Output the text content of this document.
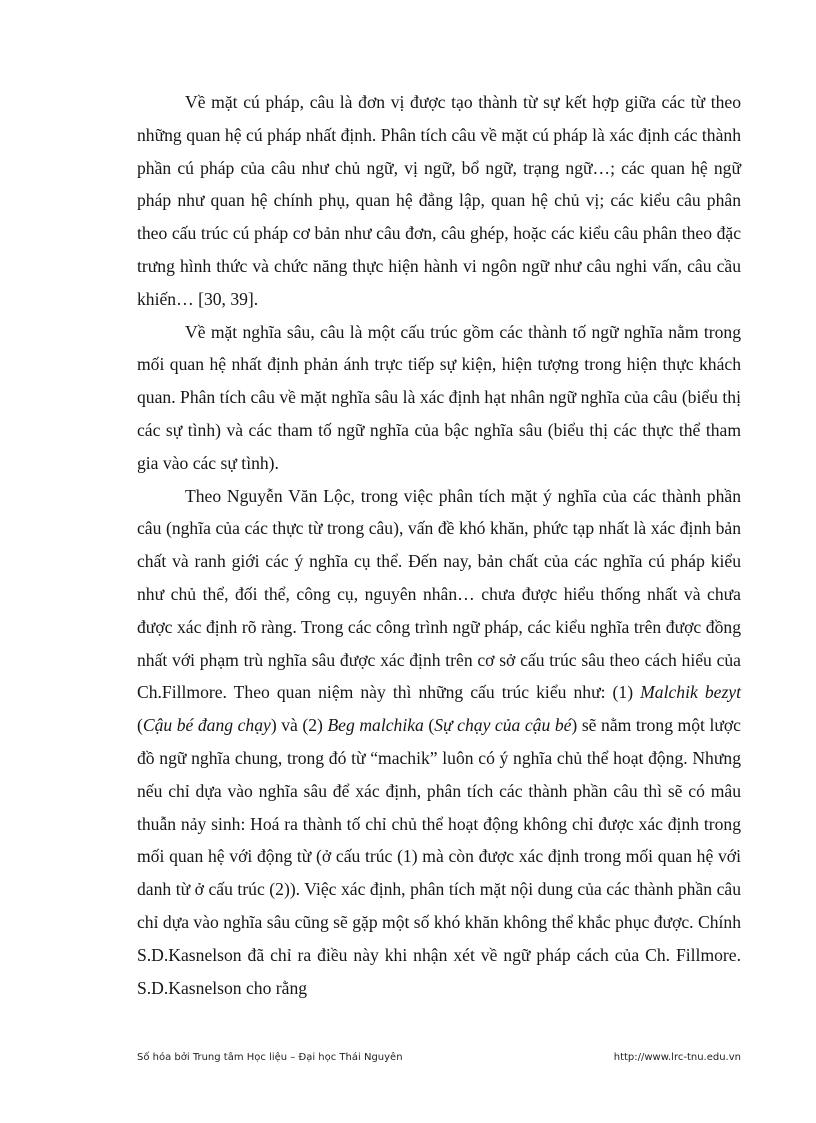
Về mặt cú pháp, câu là đơn vị được tạo thành từ sự kết hợp giữa các từ theo những quan hệ cú pháp nhất định. Phân tích câu về mặt cú pháp là xác định các thành phần cú pháp của câu như chủ ngữ, vị ngữ, bổ ngữ, trạng ngữ…; các quan hệ ngữ pháp như quan hệ chính phụ, quan hệ đẳng lập, quan hệ chủ vị; các kiểu câu phân theo cấu trúc cú pháp cơ bản như câu đơn, câu ghép, hoặc các kiểu câu phân theo đặc trưng hình thức và chức năng thực hiện hành vi ngôn ngữ như câu nghi vấn, câu cầu khiến… [30, 39].

Về mặt nghĩa sâu, câu là một cấu trúc gồm các thành tố ngữ nghĩa nằm trong mối quan hệ nhất định phản ánh trực tiếp sự kiện, hiện tượng trong hiện thực khách quan. Phân tích câu về mặt nghĩa sâu là xác định hạt nhân ngữ nghĩa của câu (biểu thị các sự tình) và các tham tố ngữ nghĩa của bậc nghĩa sâu (biểu thị các thực thể tham gia vào các sự tình).

Theo Nguyễn Văn Lộc, trong việc phân tích mặt ý nghĩa của các thành phần câu (nghĩa của các thực từ trong câu), vấn đề khó khăn, phức tạp nhất là xác định bản chất và ranh giới các ý nghĩa cụ thể. Đến nay, bản chất của các nghĩa cú pháp kiểu như chủ thể, đối thể, công cụ, nguyên nhân… chưa được hiểu thống nhất và chưa được xác định rõ ràng. Trong các công trình ngữ pháp, các kiểu nghĩa trên được đồng nhất với phạm trù nghĩa sâu được xác định trên cơ sở cấu trúc sâu theo cách hiểu của Ch.Fillmore. Theo quan niệm này thì những cấu trúc kiểu như: (1) Malchik bezyt (Cậu bé đang chạy) và (2) Beg malchika (Sự chạy của cậu bé) sẽ nằm trong một lược đồ ngữ nghĩa chung, trong đó từ “machik” luôn có ý nghĩa chủ thể hoạt động. Nhưng nếu chỉ dựa vào nghĩa sâu để xác định, phân tích các thành phần câu thì sẽ có mâu thuẫn nảy sinh: Hoá ra thành tố chỉ chủ thể hoạt động không chỉ được xác định trong mối quan hệ với động từ (ở cấu trúc (1) mà còn được xác định trong mối quan hệ với danh từ ở cấu trúc (2)). Việc xác định, phân tích mặt nội dung của các thành phần câu chỉ dựa vào nghĩa sâu cũng sẽ gặp một số khó khăn không thể khắc phục được. Chính S.D.Kasnelson đã chỉ ra điều này khi nhận xét về ngữ pháp cách của Ch. Fillmore. S.D.Kasnelson cho rằng

Số hóa bởi Trung tâm Học liệu – Đại học Thái Nguyên	http://www.lrc-tnu.edu.vn
